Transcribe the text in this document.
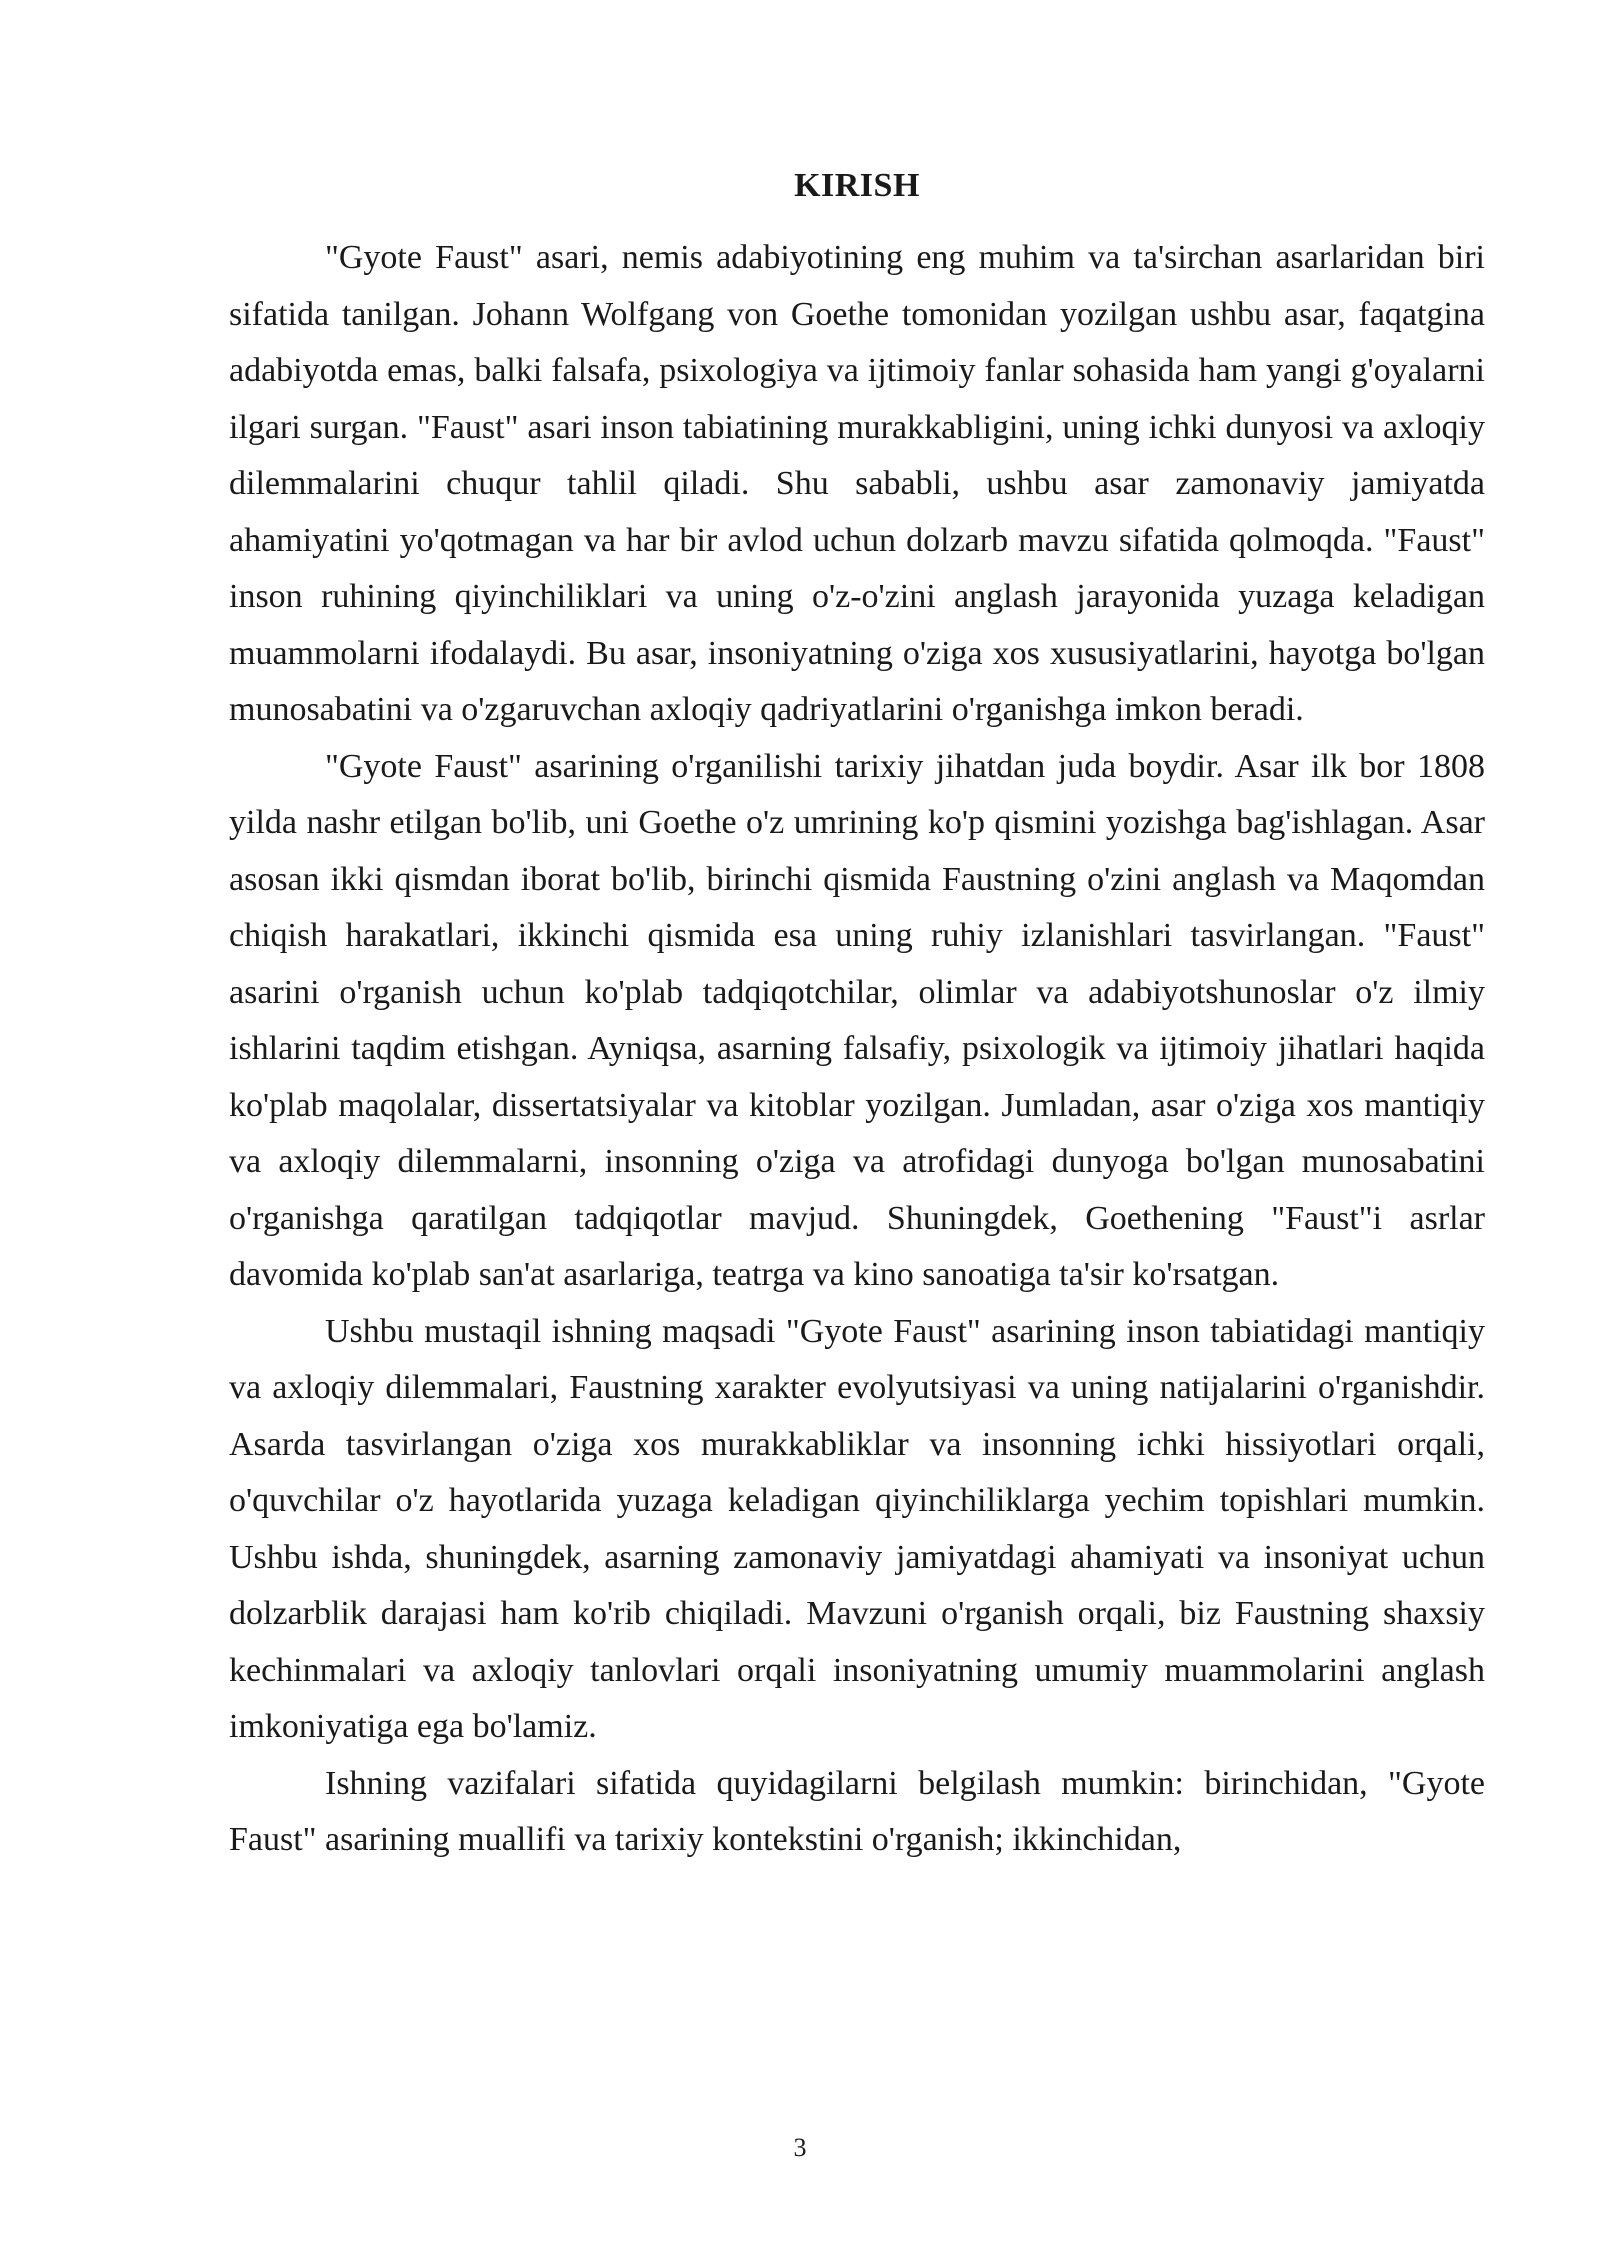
KIRISH

"Gyote Faust" asari, nemis adabiyotining eng muhim va ta'sirchan asarlaridan biri sifatida tanilgan. Johann Wolfgang von Goethe tomonidan yozilgan ushbu asar, faqatgina adabiyotda emas, balki falsafa, psixologiya va ijtimoiy fanlar sohasida ham yangi g'oyalarni ilgari surgan. "Faust" asari inson tabiatining murakkabligini, uning ichki dunyosi va axloqiy dilemmalarini chuqur tahlil qiladi. Shu sababli, ushbu asar zamonaviy jamiyatda ahamiyatini yo'qotmagan va har bir avlod uchun dolzarb mavzu sifatida qolmoqda. "Faust" inson ruhining qiyinchiliklari va uning o'z-o'zini anglash jarayonida yuzaga keladigan muammolarni ifodalaydi. Bu asar, insoniyatning o'ziga xos xususiyatlarini, hayotga bo'lgan munosabatini va o'zgaruvchan axloqiy qadriyatlarini o'rganishga imkon beradi.

"Gyote Faust" asarining o'rganilishi tarixiy jihatdan juda boydir. Asar ilk bor 1808 yilda nashr etilgan bo'lib, uni Goethe o'z umrining ko'p qismini yozishga bag'ishlagan. Asar asosan ikki qismdan iborat bo'lib, birinchi qismida Faustning o'zini anglash va Maqomdan chiqish harakatlari, ikkinchi qismida esa uning ruhiy izlanishlari tasvirlangan. "Faust" asarini o'rganish uchun ko'plab tadqiqotchilar, olimlar va adabiyotshunoslar o'z ilmiy ishlarini taqdim etishgan. Ayniqsa, asarning falsafiy, psixologik va ijtimoiy jihatlari haqida ko'plab maqolalar, dissertatsiyalar va kitoblar yozilgan. Jumladan, asar o'ziga xos mantiqiy va axloqiy dilemmalarni, insonning o'ziga va atrofidagi dunyoga bo'lgan munosabatini o'rganishga qaratilgan tadqiqotlar mavjud. Shuningdek, Goethening "Faust"i asrlar davomida ko'plab san'at asarlariga, teatrga va kino sanoatiga ta'sir ko'rsatgan.

Ushbu mustaqil ishning maqsadi "Gyote Faust" asarining inson tabiatidagi mantiqiy va axloqiy dilemmalari, Faustning xarakter evolyutsiyasi va uning natijalarini o'rganishdir. Asarda tasvirlangan o'ziga xos murakkabliklar va insonning ichki hissiyotlari orqali, o'quvchilar o'z hayotlarida yuzaga keladigan qiyinchiliklarga yechim topishlari mumkin. Ushbu ishda, shuningdek, asarning zamonaviy jamiyatdagi ahamiyati va insoniyat uchun dolzarblik darajasi ham ko'rib chiqiladi. Mavzuni o'rganish orqali, biz Faustning shaxsiy kechinmalari va axloqiy tanlovlari orqali insoniyatning umumiy muammolarini anglash imkoniyatiga ega bo'lamiz.

Ishning vazifalari sifatida quyidagilarni belgilash mumkin: birinchidan, "Gyote Faust" asarining muallifi va tarixiy kontekstini o'rganish; ikkinchidan,

3
